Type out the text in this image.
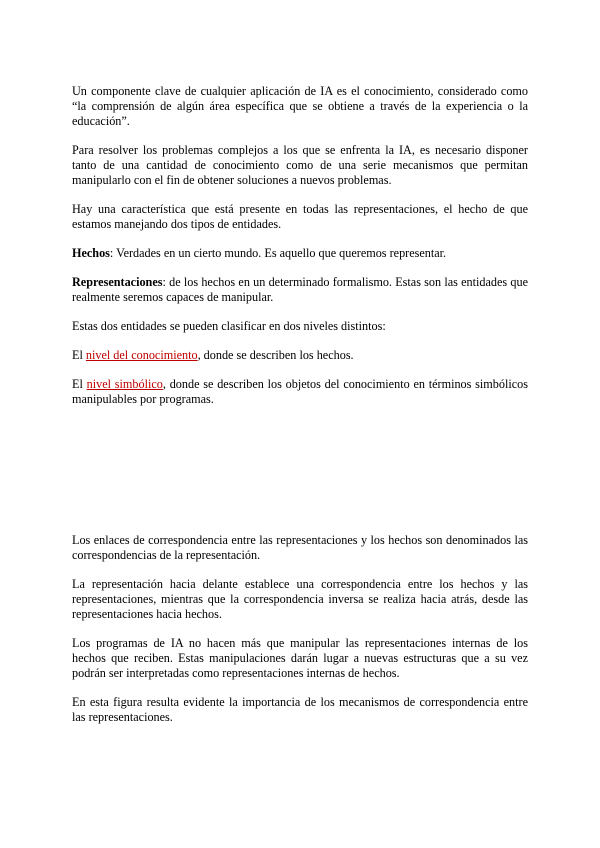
Un componente clave de cualquier aplicación de IA es el conocimiento, considerado como “la comprensión de algún área específica que se obtiene a través de la experiencia o la educación”.

Para resolver los problemas complejos a los que se enfrenta la IA, es necesario disponer tanto de una cantidad de conocimiento como de una serie mecanismos que permitan manipularlo con el fin de obtener soluciones a nuevos problemas.

Hay una característica que está presente en todas las representaciones, el hecho de que estamos manejando dos tipos de entidades.

Hechos: Verdades en un cierto mundo. Es aquello que queremos representar.

Representaciones: de los hechos en un determinado formalismo. Estas son las entidades que realmente seremos capaces de manipular.

Estas dos entidades se pueden clasificar en dos niveles distintos:

El nivel del conocimiento, donde se describen los hechos.

El nivel simbólico, donde se describen los objetos del conocimiento en términos simbólicos manipulables por programas.

Los enlaces de correspondencia entre las representaciones y los hechos son denominados las correspondencias de la representación.

La representación hacia delante establece una correspondencia entre los hechos y las representaciones, mientras que la correspondencia inversa se realiza hacia atrás, desde las representaciones hacia hechos.

Los programas de IA no hacen más que manipular las representaciones internas de los hechos que reciben. Estas manipulaciones darán lugar a nuevas estructuras que a su vez podrán ser interpretadas como representaciones internas de hechos.

En esta figura resulta evidente la importancia de los mecanismos de correspondencia entre las representaciones.
